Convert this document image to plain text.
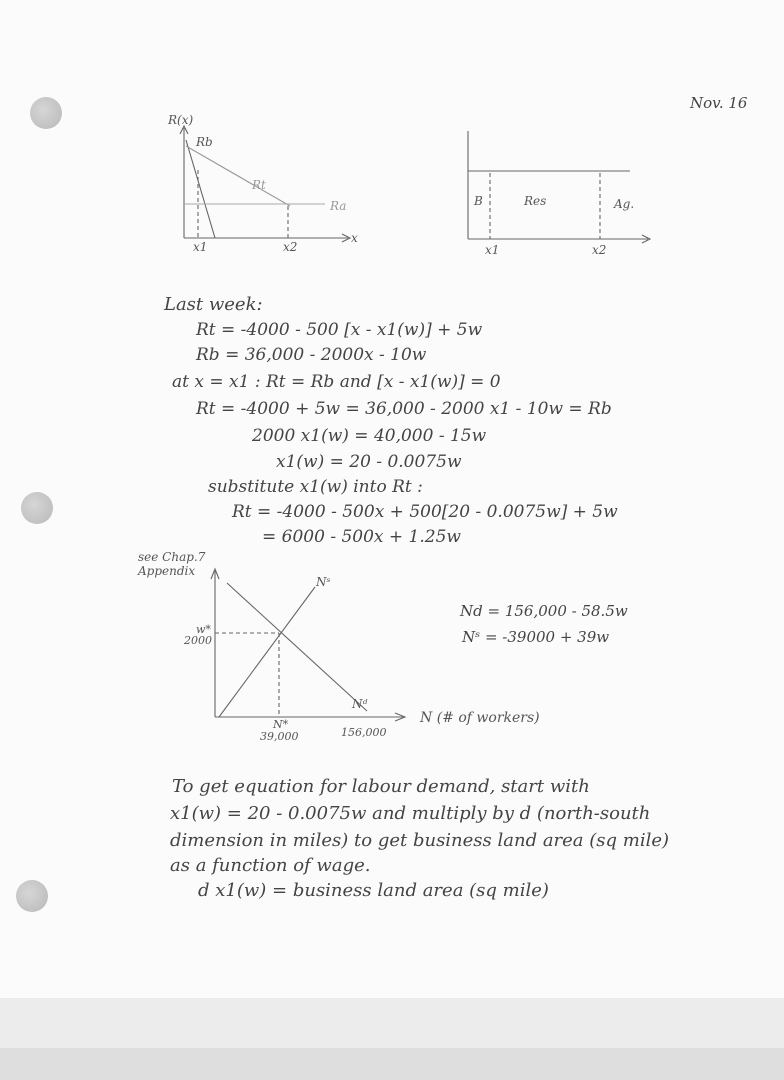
Nov. 16
R(x)
Rb
Rt
Ra
x1	x2
x
B	Res	Ag.
x1	x2
Last week:
Rt = -4000 - 500 [x - x1(w)] + 5w
Rb = 36,000 - 2000x - 10w
at x = x1 : Rt = Rb and [x - x1(w)] = 0
Rt = -4000 + 5w = 36,000 - 2000 x1 - 10w = Rb
2000 x1(w) = 40,000 - 15w
x1(w) = 20 - 0.0075w
substitute x1(w) into Rt :
Rt = -4000 - 500x + 500[20 - 0.0075w] + 5w
= 6000 - 500x + 1.25w
see Chap.7
Appendix
Nˢ
Nᵈ
w*
2000
N*
39,000	156,000
N (# of workers)
Nd = 156,000 - 58.5w
Nˢ = -39000 + 39w
To get equation for labour demand, start with
x1(w) = 20 - 0.0075w and multiply by d (north-south
dimension in miles) to get business land area (sq mile)
as a function of wage.
d x1(w) = business land area (sq mile)
